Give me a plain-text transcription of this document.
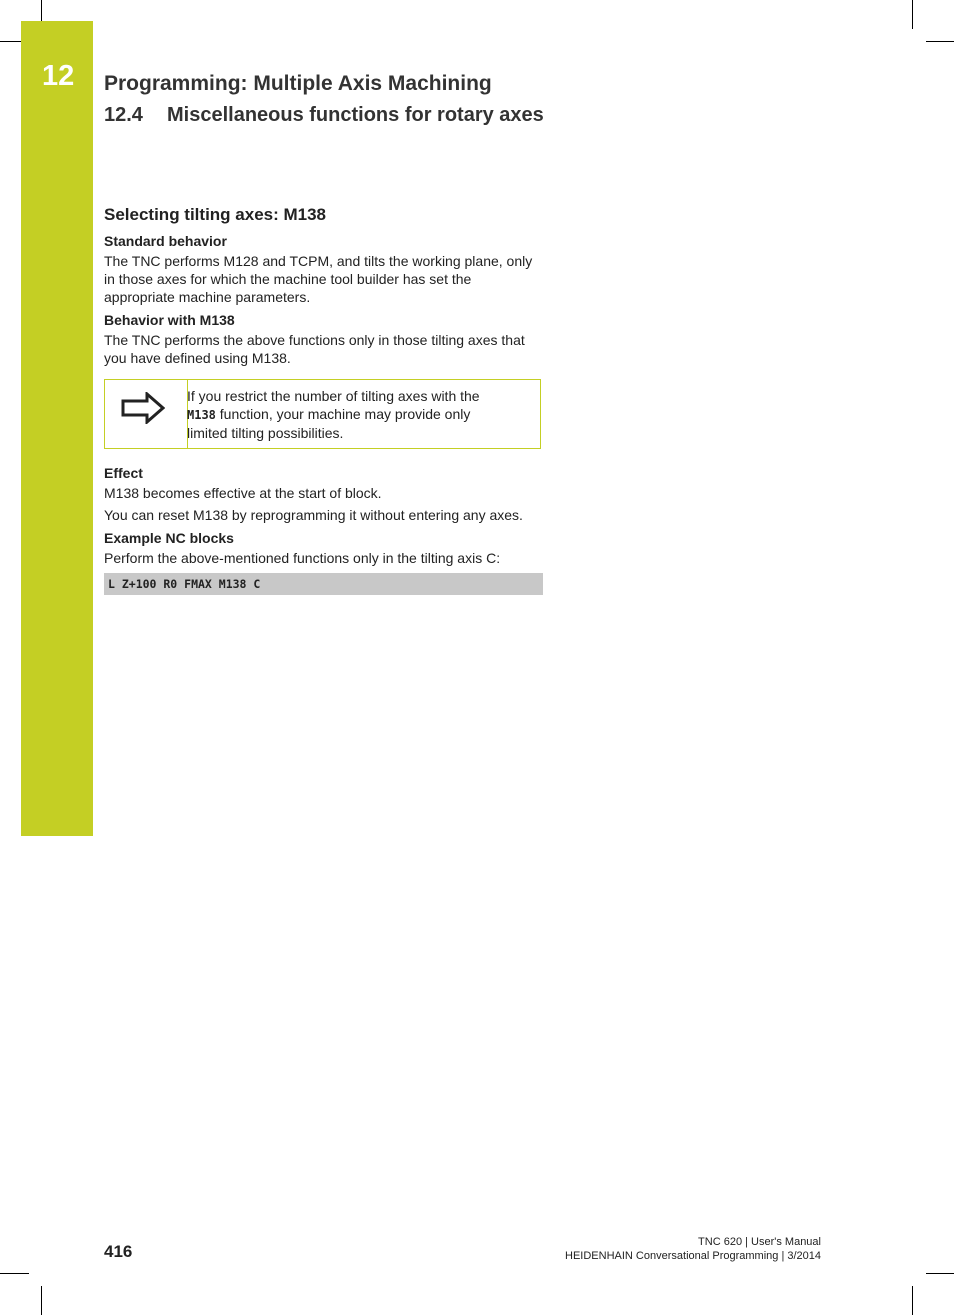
12	Programming: Multiple Axis Machining
12.4 Miscellaneous functions for rotary axes
Selecting tilting axes: M138
Standard behavior

The TNC performs M128 and TCPM, and tilts the working plane, only in those axes for which the machine tool builder has set the appropriate machine parameters.

Behavior with M138

The TNC performs the above functions only in those tilting axes that you have defined using M138.

If you restrict the number of tilting axes with the
M138 function, your machine may provide only
limited tilting possibilities.
Effect

M138 becomes effective at the start of block.

You can reset M138 by reprogramming it without entering any axes.

Example NC blocks

Perform the above-mentioned functions only in the tilting axis C:

L Z+100 R0 FMAX M138 C
416	TNC 620 | User's Manual
HEIDENHAIN Conversational Programming | 3/2014
